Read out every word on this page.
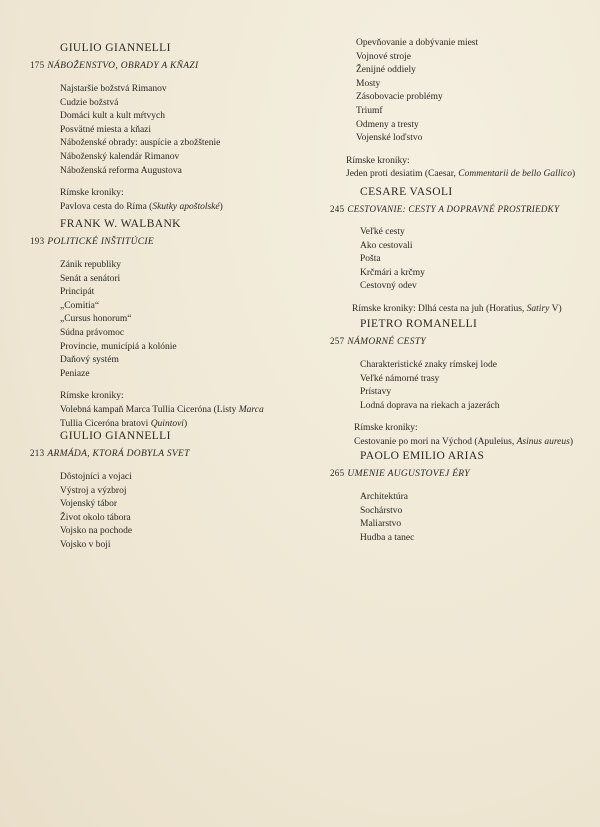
GIULIO GIANNELLI
175 NÁBOŽENSTVO, OBRADY A KŇAZI
Najstaršie božstvá Rimanov
Cudzie božstvá
Domáci kult a kult mŕtvych
Posvätné miesta a kňazi
Náboženské obrady: auspície a zbožštenie
Náboženský kalendár Rimanov
Náboženská reforma Augustova
Rímske kroniky:
Pavlova cesta do Ríma (Skutky apoštolské)
FRANK W. WALBANK
193 POLITICKÉ INŠTITÚCIE
Zánik republiky
Senát a senátori
Principát
„Comitia“
„Cursus honorum“
Súdna právomoc
Provincie, municípiá a kolónie
Daňový systém
Peniaze
Rímske kroniky:
Volebná kampaň Marca Tullia Ciceróna (Listy Marca
Tullia Ciceróna bratovi Quintovi)
GIULIO GIANNELLI
213 ARMÁDA, KTORÁ DOBYLA SVET
Dôstojníci a vojaci
Výstroj a výzbroj
Vojenský tábor
Život okolo tábora
Vojsko na pochode
Vojsko v boji
Opevňovanie a dobývanie miest
Vojnové stroje
Ženijné oddiely
Mosty
Zásobovacie problémy
Triumf
Odmeny a tresty
Vojenské loďstvo
Rímske kroniky:
Jeden proti desiatim (Caesar, Commentarii de bello Gallico)
CESARE VASOLI
245 CESTOVANIE: CESTY A DOPRAVNÉ PROSTRIEDKY
Veľké cesty
Ako cestovali
Pošta
Krčmári a krčmy
Cestovný odev
Rímske kroniky: Dlhá cesta na juh (Horatius, Satiry V)
PIETRO ROMANELLI
257 NÁMORNÉ CESTY
Charakteristické znaky rímskej lode
Veľké námorné trasy
Prístavy
Lodná doprava na riekach a jazerách
Rímske kroniky:
Cestovanie po mori na Východ (Apuleius, Asinus aureus)
PAOLO EMILIO ARIAS
265 UMENIE AUGUSTOVEJ ÉRY
Architektúra
Sochárstvo
Maliarstvo
Hudba a tanec
